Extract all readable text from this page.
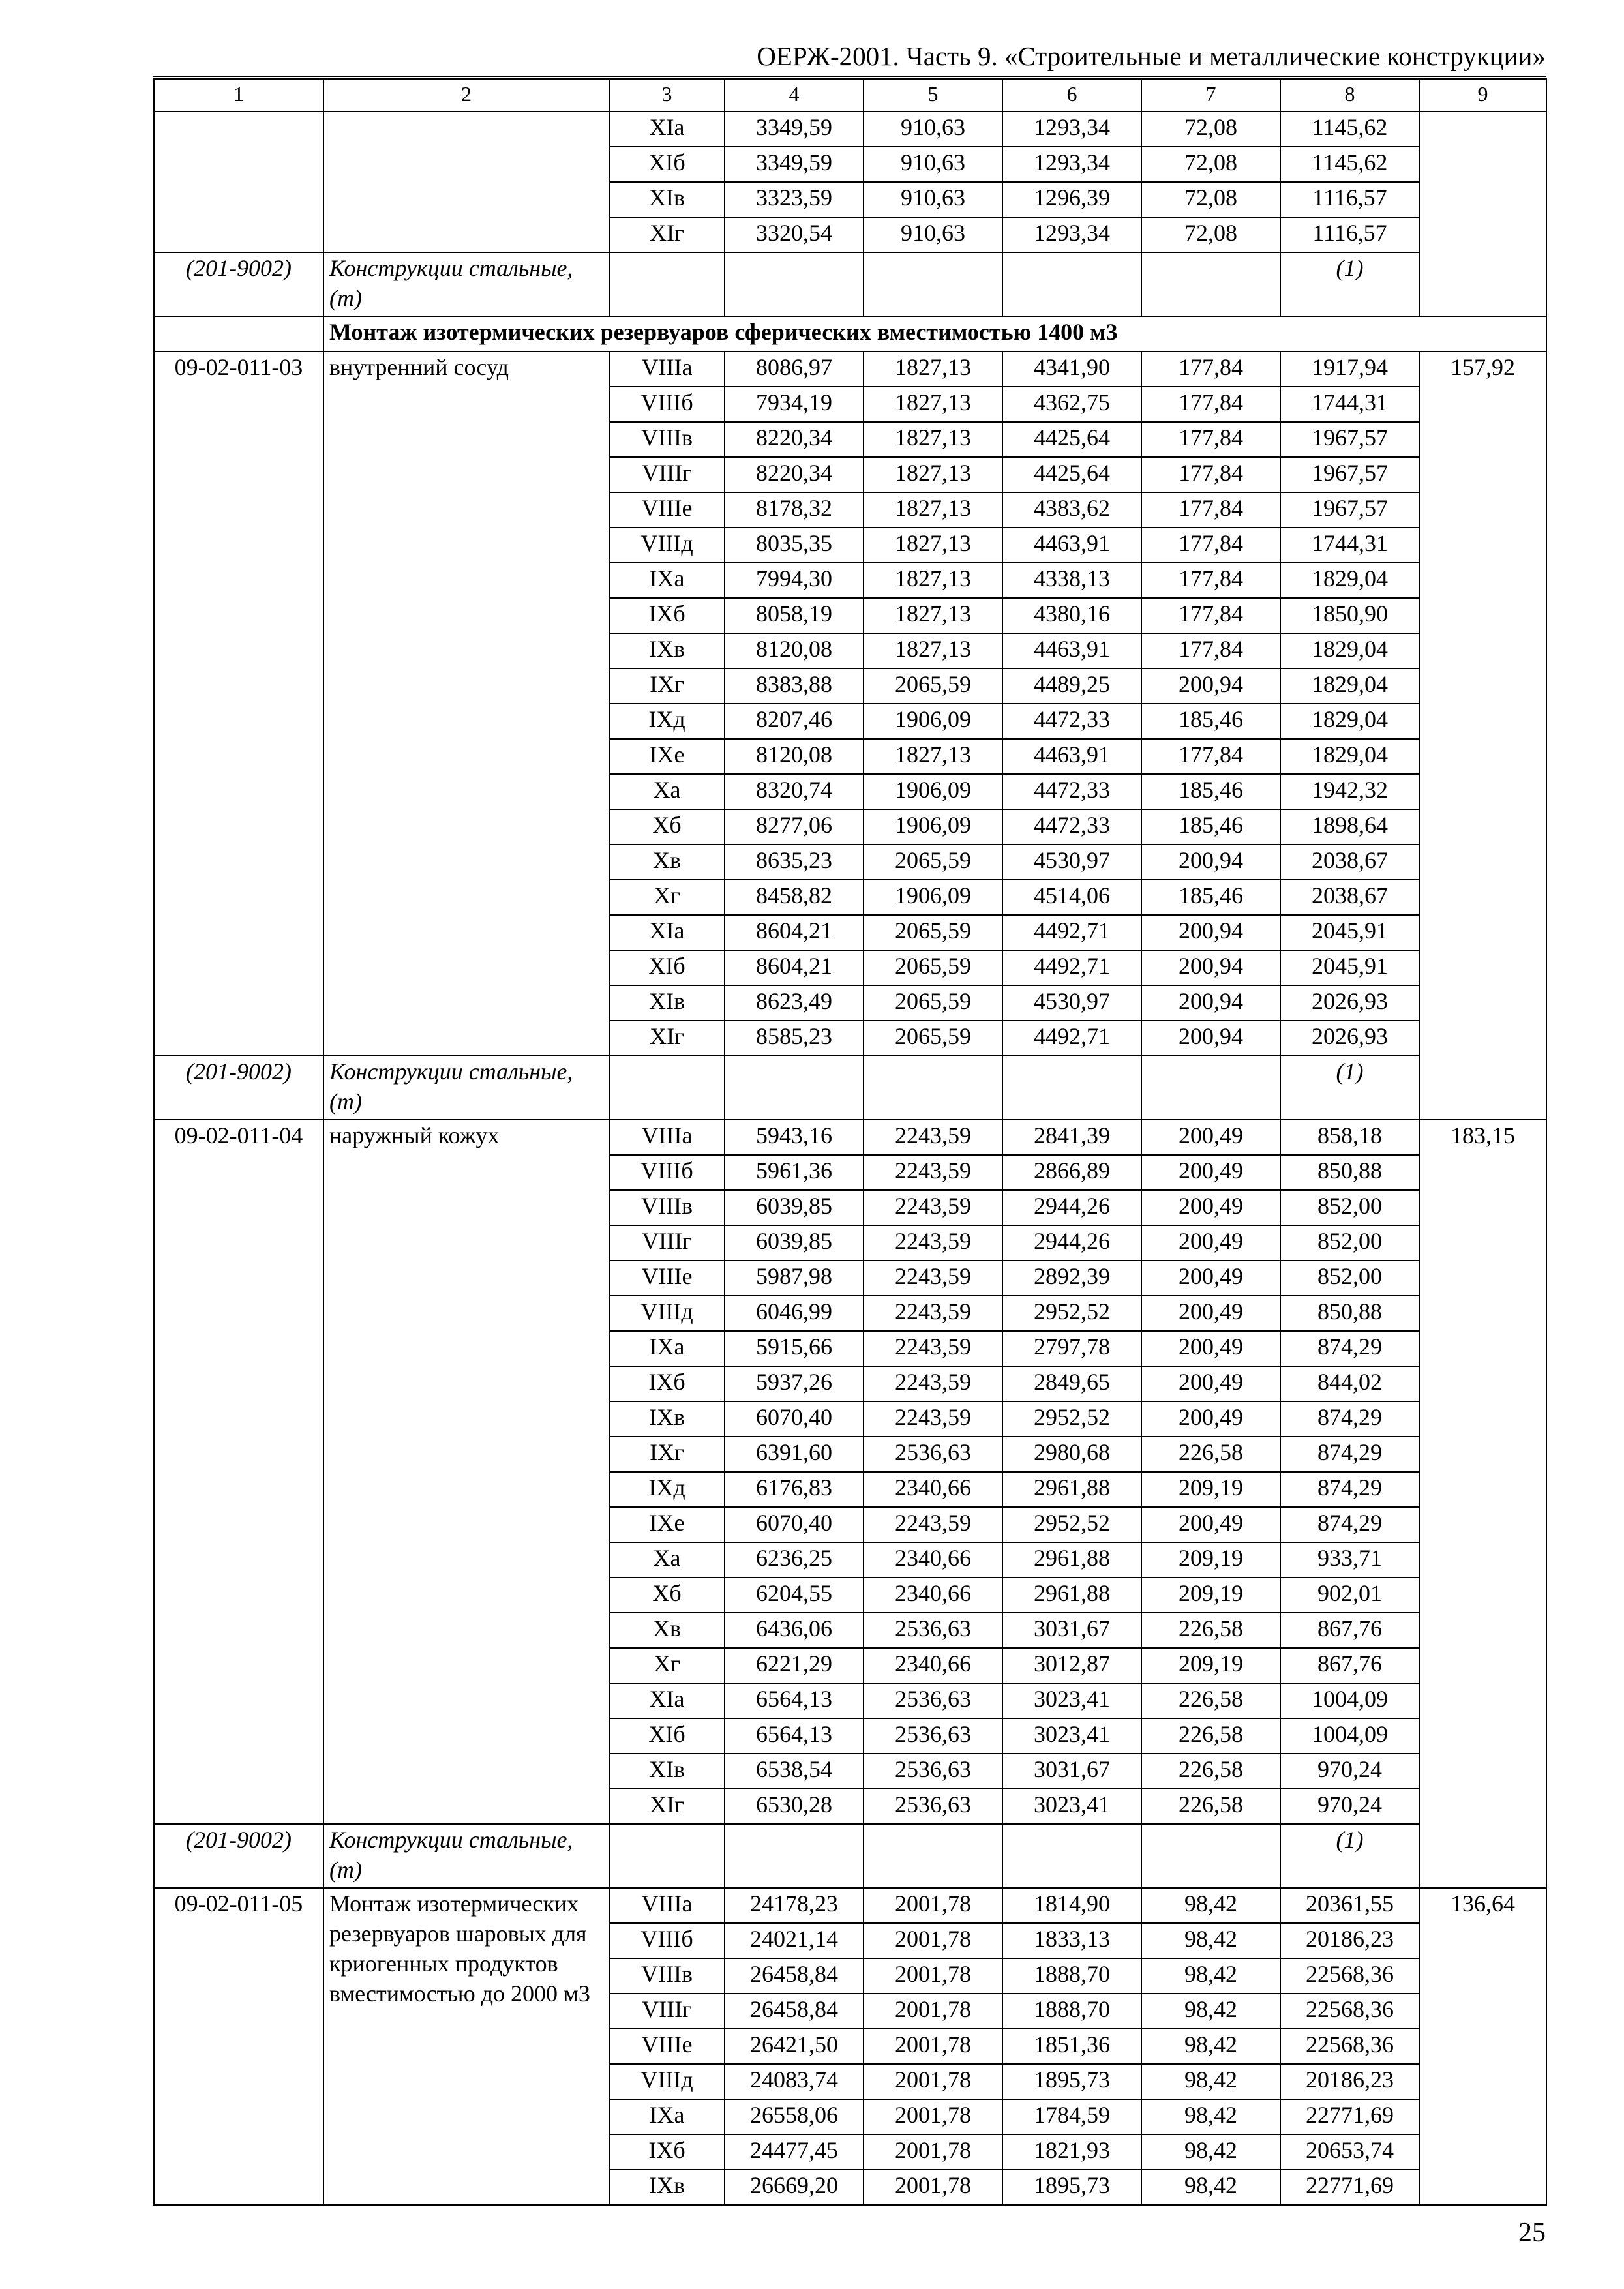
ОЕРЖ-2001. Часть 9. «Строительные и металлические конструкции»
1	2	3	4	5	6	7	8	9
		XIa	3349,59	910,63	1293,34	72,08	1145,62	
		XIб	3349,59	910,63	1293,34	72,08	1145,62	
		XIв	3323,59	910,63	1296,39	72,08	1116,57	
		XIг	3320,54	910,63	1293,34	72,08	1116,57	
(201-9002)	Конструкции стальные, (т)						(1)	
	Монтаж изотермических резервуаров сферических вместимостью 1400 м3							
09-02-011-03	внутренний сосуд	VIIIa	8086,97	1827,13	4341,90	177,84	1917,94	157,92
		VIIIб	7934,19	1827,13	4362,75	177,84	1744,31	
		VIIIв	8220,34	1827,13	4425,64	177,84	1967,57	
		VIIIг	8220,34	1827,13	4425,64	177,84	1967,57	
		VIIIе	8178,32	1827,13	4383,62	177,84	1967,57	
		VIIIд	8035,35	1827,13	4463,91	177,84	1744,31	
		IXa	7994,30	1827,13	4338,13	177,84	1829,04	
		IXб	8058,19	1827,13	4380,16	177,84	1850,90	
		IXв	8120,08	1827,13	4463,91	177,84	1829,04	
		IXг	8383,88	2065,59	4489,25	200,94	1829,04	
		IXд	8207,46	1906,09	4472,33	185,46	1829,04	
		IXе	8120,08	1827,13	4463,91	177,84	1829,04	
		Xa	8320,74	1906,09	4472,33	185,46	1942,32	
		Xб	8277,06	1906,09	4472,33	185,46	1898,64	
		Xв	8635,23	2065,59	4530,97	200,94	2038,67	
		Xг	8458,82	1906,09	4514,06	185,46	2038,67	
		XIa	8604,21	2065,59	4492,71	200,94	2045,91	
		XIб	8604,21	2065,59	4492,71	200,94	2045,91	
		XIв	8623,49	2065,59	4530,97	200,94	2026,93	
		XIг	8585,23	2065,59	4492,71	200,94	2026,93	
(201-9002)	Конструкции стальные, (т)						(1)	
09-02-011-04	наружный кожух	VIIIa	5943,16	2243,59	2841,39	200,49	858,18	183,15
		VIIIб	5961,36	2243,59	2866,89	200,49	850,88	
		VIIIв	6039,85	2243,59	2944,26	200,49	852,00	
		VIIIг	6039,85	2243,59	2944,26	200,49	852,00	
		VIIIе	5987,98	2243,59	2892,39	200,49	852,00	
		VIIIд	6046,99	2243,59	2952,52	200,49	850,88	
		IXa	5915,66	2243,59	2797,78	200,49	874,29	
		IXб	5937,26	2243,59	2849,65	200,49	844,02	
		IXв	6070,40	2243,59	2952,52	200,49	874,29	
		IXг	6391,60	2536,63	2980,68	226,58	874,29	
		IXд	6176,83	2340,66	2961,88	209,19	874,29	
		IXе	6070,40	2243,59	2952,52	200,49	874,29	
		Xa	6236,25	2340,66	2961,88	209,19	933,71	
		Xб	6204,55	2340,66	2961,88	209,19	902,01	
		Xв	6436,06	2536,63	3031,67	226,58	867,76	
		Xг	6221,29	2340,66	3012,87	209,19	867,76	
		XIa	6564,13	2536,63	3023,41	226,58	1004,09	
		XIб	6564,13	2536,63	3023,41	226,58	1004,09	
		XIв	6538,54	2536,63	3031,67	226,58	970,24	
		XIг	6530,28	2536,63	3023,41	226,58	970,24	
(201-9002)	Конструкции стальные, (т)						(1)	
09-02-011-05	Монтаж изотермических резервуаров шаровых для криогенных продуктов вместимостью до 2000 м3	VIIIa	24178,23	2001,78	1814,90	98,42	20361,55	136,64
		VIIIб	24021,14	2001,78	1833,13	98,42	20186,23	
		VIIIв	26458,84	2001,78	1888,70	98,42	22568,36	
		VIIIг	26458,84	2001,78	1888,70	98,42	22568,36	
		VIIIе	26421,50	2001,78	1851,36	98,42	22568,36	
		VIIIд	24083,74	2001,78	1895,73	98,42	20186,23	
		IXa	26558,06	2001,78	1784,59	98,42	22771,69	
		IXб	24477,45	2001,78	1821,93	98,42	20653,74	
		IXв	26669,20	2001,78	1895,73	98,42	22771,69	
25
